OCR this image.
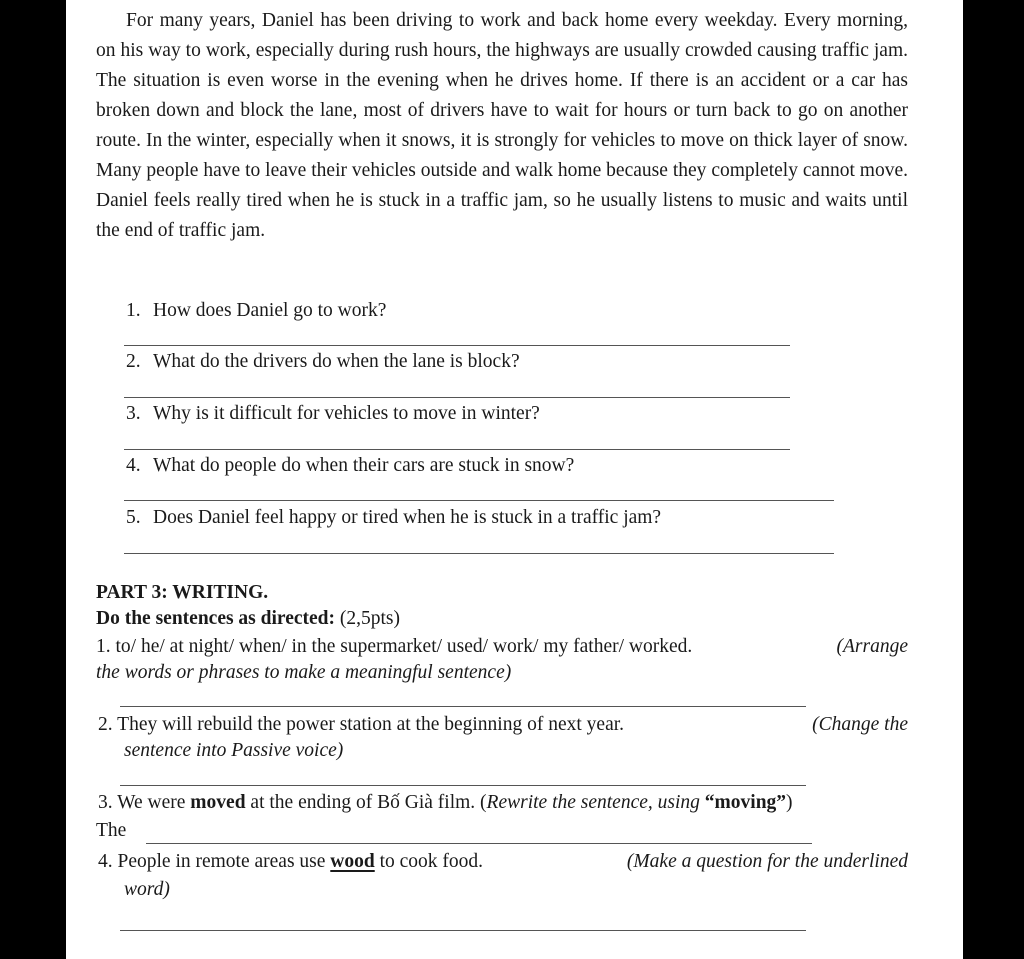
For many years, Daniel has been driving to work and back home every weekday. Every morning, on his way to work, especially during rush hours, the highways are usually crowded causing traffic jam. The situation is even worse in the evening when he drives home. If there is an accident or a car has broken down and block the lane, most of drivers have to wait for hours or turn back to go on another route. In the winter, especially when it snows, it is strongly for vehicles to move on thick layer of snow. Many people have to leave their vehicles outside and walk home because they completely cannot move. Daniel feels really tired when he is stuck in a traffic jam, so he usually listens to music and waits until the end of traffic jam.
1. How does Daniel go to work?
2. What do the drivers do when the lane is block?
3. Why is it difficult for vehicles to move in winter?
4. What do people do when their cars are stuck in snow?
5. Does Daniel feel happy or tired when he is stuck in a traffic jam?
PART 3: WRITING.
Do the sentences as directed: (2,5pts)
1. to/ he/ at night/ when/ in the supermarket/ used/ work/ my father/ worked.	(Arrange
the words or phrases to make a meaningful sentence)
2. They will rebuild the power station at the beginning of next year.	(Change the
sentence into Passive voice)
3. We were moved at the ending of Bố Già film. (Rewrite the sentence, using “moving”)
The
4. People in remote areas use wood to cook food.	(Make a question for the underlined
word)
